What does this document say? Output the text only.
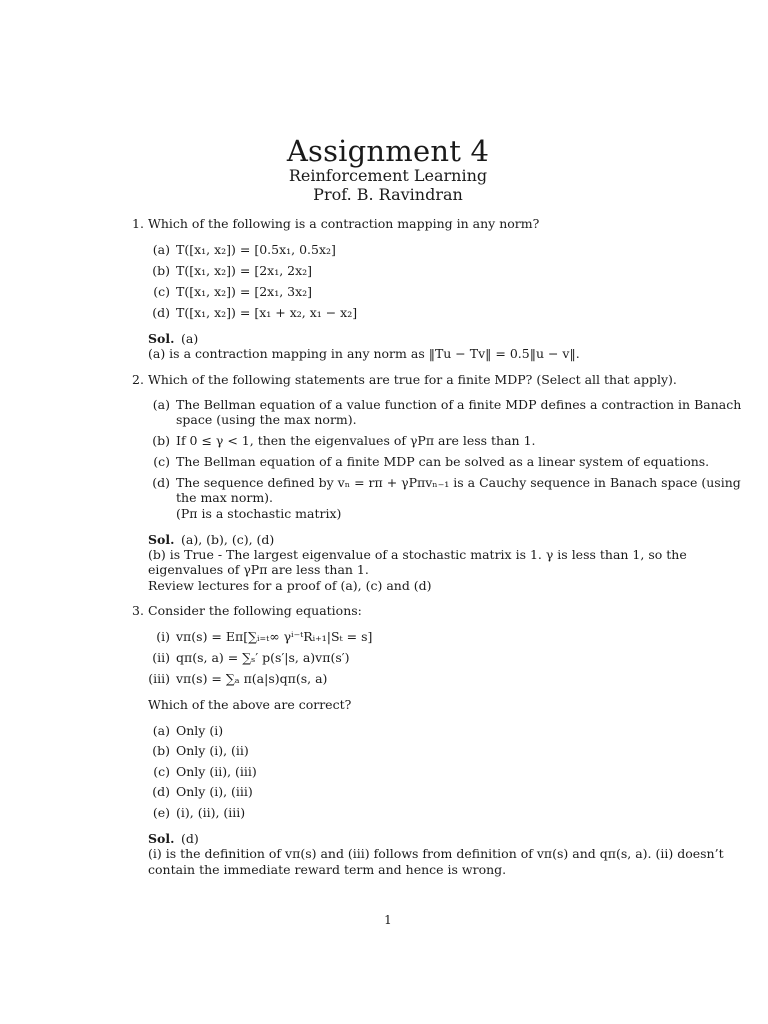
Assignment 4
Reinforcement Learning
Prof. B. Ravindran
1. Which of the following is a contraction mapping in any norm?
(a) T([x₁, x₂]) = [0.5x₁, 0.5x₂]
(b) T([x₁, x₂]) = [2x₁, 2x₂]
(c) T([x₁, x₂]) = [2x₁, 3x₂]
(d) T([x₁, x₂]) = [x₁ + x₂, x₁ − x₂]
Sol. (a)
(a) is a contraction mapping in any norm as ‖Tu − Tv‖ = 0.5‖u − v‖.
2. Which of the following statements are true for a finite MDP? (Select all that apply).
(a) The Bellman equation of a value function of a finite MDP defines a contraction in Banach
space (using the max norm).
(b) If 0 ≤ γ < 1, then the eigenvalues of γPπ are less than 1.
(c) The Bellman equation of a finite MDP can be solved as a linear system of equations.
(d) The sequence defined by vₙ = rπ + γPπvₙ₋₁ is a Cauchy sequence in Banach space (using
the max norm).
(Pπ is a stochastic matrix)
Sol. (a), (b), (c), (d)
(b) is True - The largest eigenvalue of a stochastic matrix is 1. γ is less than 1, so the
eigenvalues of γPπ are less than 1.
Review lectures for a proof of (a), (c) and (d)
3. Consider the following equations:
(i) vπ(s) = Eπ[∑ᵢ₌ₜ∞ γⁱ⁻ᵗRᵢ₊₁|Sₜ = s]
(ii) qπ(s, a) = ∑ₛ′ p(s′|s, a)vπ(s′)
(iii) vπ(s) = ∑ₐ π(a|s)qπ(s, a)
Which of the above are correct?
(a) Only (i)
(b) Only (i), (ii)
(c) Only (ii), (iii)
(d) Only (i), (iii)
(e) (i), (ii), (iii)
Sol. (d)
(i) is the definition of vπ(s) and (iii) follows from definition of vπ(s) and qπ(s, a). (ii) doesn’t
contain the immediate reward term and hence is wrong.
1
